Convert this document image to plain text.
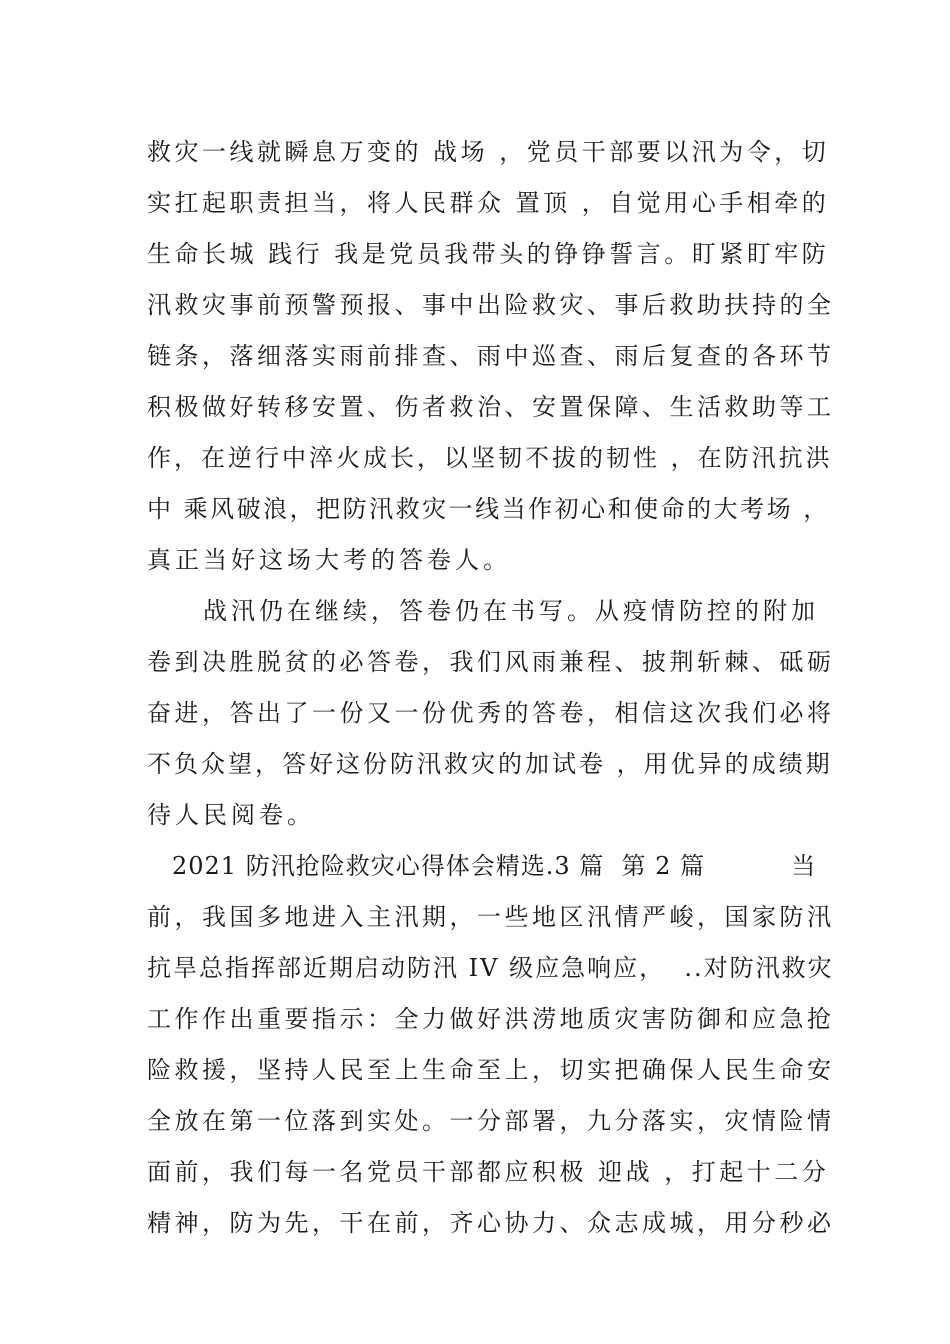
救灾一线就瞬息万变的 战场 ，党员干部要以汛为令，切
实扛起职责担当，将人民群众 置顶 ，自觉用心手相牵的
生命长城 践行 我是党员我带头的铮铮誓言。盯紧盯牢防
汛救灾事前预警预报、事中出险救灾、事后救助扶持的全
链条，落细落实雨前排查、雨中巡查、雨后复查的各环节
积极做好转移安置、伤者救治、安置保障、生活救助等工
作，在逆行中淬火成长，以坚韧不拔的韧性 ，在防汛抗洪
中 乘风破浪，把防汛救灾一线当作初心和使命的大考场 ，
真正当好这场大考的答卷人。
　　战汛仍在继续，答卷仍在书写。从疫情防控的附加
卷到决胜脱贫的必答卷，我们风雨兼程、披荆斩棘、砥砺
奋进，答出了一份又一份优秀的答卷，相信这次我们必将
不负众望，答好这份防汛救灾的加试卷 ，用优异的成绩期
待人民阅卷。
　2021 防汛抢险救灾心得体会精选.3 篇  第 2 篇          当
前，我国多地进入主汛期，一些地区汛情严峻，国家防汛
抗旱总指挥部近期启动防汛 IV 级应急响应，  ..对防汛救灾
工作作出重要指示：全力做好洪涝地质灾害防御和应急抢
险救援，坚持人民至上生命至上，切实把确保人民生命安
全放在第一位落到实处。一分部署，九分落实，灾情险情
面前，我们每一名党员干部都应积极 迎战 ，打起十二分
精神，防为先，干在前，齐心协力、众志成城，用分秒必
